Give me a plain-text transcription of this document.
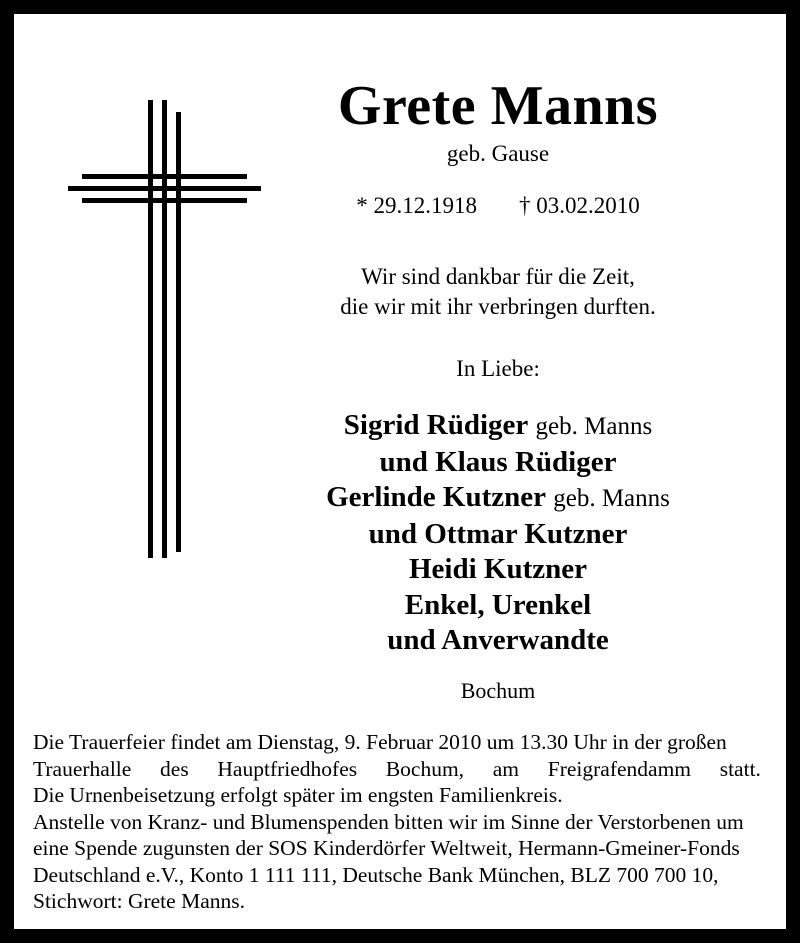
Grete Manns
geb. Gause
* 29.12.1918 † 03.02.2010
Wir sind dankbar für die Zeit,
die wir mit ihr verbringen durften.
In Liebe:
Sigrid Rüdiger geb. Manns
und Klaus Rüdiger
Gerlinde Kutzner geb. Manns
und Ottmar Kutzner
Heidi Kutzner
Enkel, Urenkel
und Anverwandte
Bochum
Die Trauerfeier findet am Dienstag, 9. Februar 2010 um 13.30 Uhr in der großen
Trauerhalle des Hauptfriedhofes Bochum, am Freigrafendamm statt.
Die Urnenbeisetzung erfolgt später im engsten Familienkreis.
Anstelle von Kranz- und Blumenspenden bitten wir im Sinne der Verstorbenen um
eine Spende zugunsten der SOS Kinderdörfer Weltweit, Hermann-Gmeiner-Fonds
Deutschland e.V., Konto 1 111 111, Deutsche Bank München, BLZ 700 700 10,
Stichwort: Grete Manns.
